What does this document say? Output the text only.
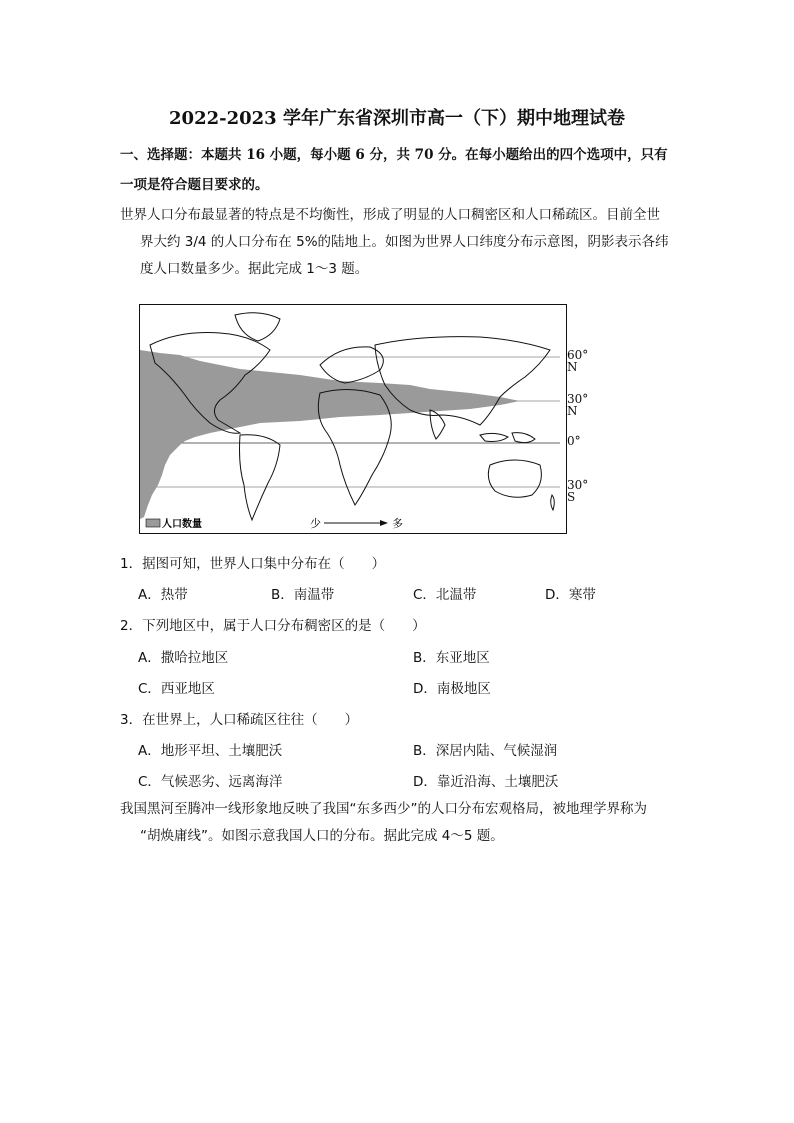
2022-2023 学年广东省深圳市高一（下）期中地理试卷
一、选择题：本题共 16 小题，每小题 6 分，共 70 分。在每小题给出的四个选项中，只有
一项是符合题目要求的。
世界人口分布最显著的特点是不均衡性，形成了明显的人口稠密区和人口稀疏区。目前全世
界大约 3/4 的人口分布在 5%的陆地上。如图为世界人口纬度分布示意图，阴影表示各纬
度人口数量多少。据此完成 1～3 题。
人口数量	少	多
60° N
30° N
0°
30° S
1．据图可知，世界人口集中分布在（　　）
A．热带	B．南温带	C．北温带	D．寒带
2．下列地区中，属于人口分布稠密区的是（　　）
A．撒哈拉地区	B．东亚地区
C．西亚地区	D．南极地区
3．在世界上，人口稀疏区往往（　　）
A．地形平坦、土壤肥沃	B．深居内陆、气候湿润
C．气候恶劣、远离海洋	D．靠近沿海、土壤肥沃
我国黑河至腾冲一线形象地反映了我国“东多西少”的人口分布宏观格局，被地理学界称为
“胡焕庸线”。如图示意我国人口的分布。据此完成 4～5 题。
